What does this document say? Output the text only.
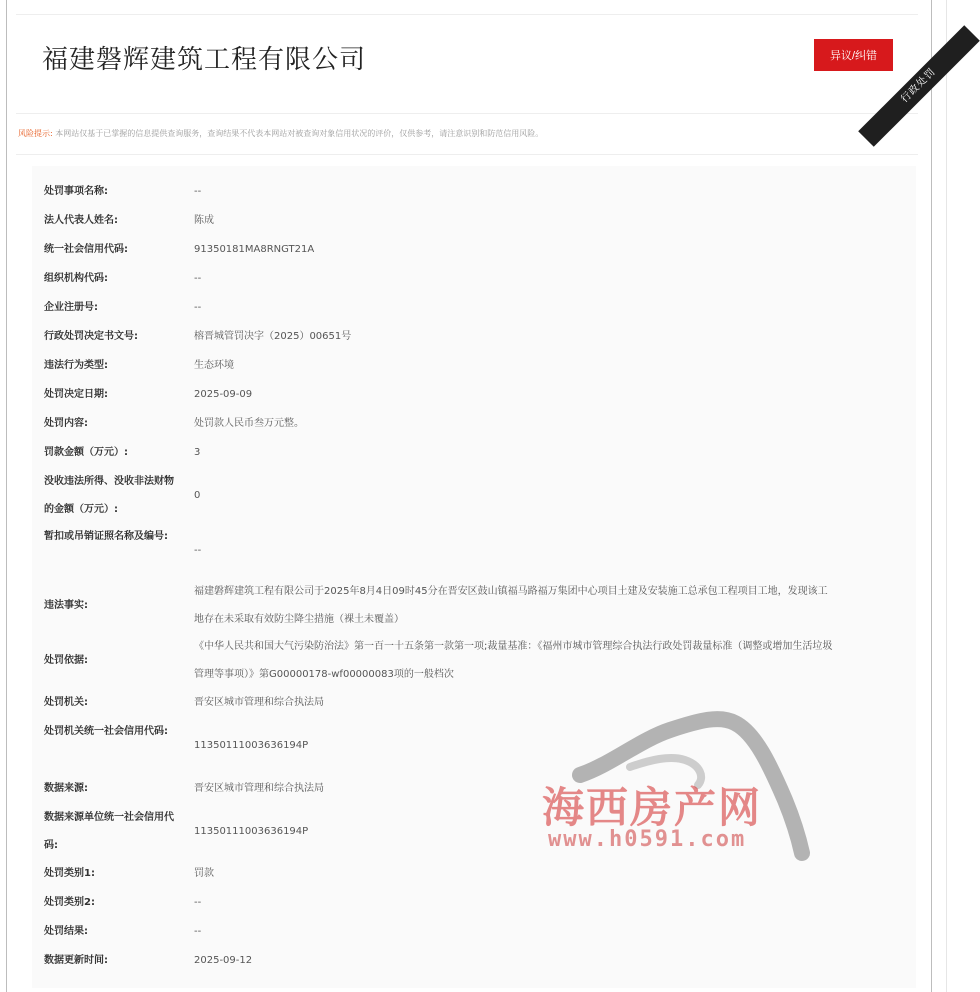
福建磐辉建筑工程有限公司	异议/纠错
行政处罚
风险提示: 本网站仅基于已掌握的信息提供查询服务，查询结果不代表本网站对被查询对象信用状况的评价，仅供参考，请注意识别和防范信用风险。
处罚事项名称:	--
法人代表人姓名:	陈成
统一社会信用代码:	91350181MA8RNGT21A
组织机构代码:	--
企业注册号:	--
行政处罚决定书文号:	榕晋城管罚决字（2025）00651号
违法行为类型:	生态环境
处罚决定日期:	2025-09-09
处罚内容:	处罚款人民币叁万元整。
罚款金额（万元）:	3
没收违法所得、没收非法财物的金额（万元）:
0
暂扣或吊销证照名称及编号:
--
违法事实:
福建磐辉建筑工程有限公司于2025年8月4日09时45分在晋安区鼓山镇福马路福万集团中心项目土建及安装施工总承包工程项目工地，发现该工地存在未采取有效防尘降尘措施（裸土未覆盖）
处罚依据:
《中华人民共和国大气污染防治法》第一百一十五条第一款第一项;裁量基准：《福州市城市管理综合执法行政处罚裁量标准（调整或增加生活垃圾管理等事项）》第G00000178-wf00000083项的一般档次
处罚机关:	晋安区城市管理和综合执法局
处罚机关统一社会信用代码:
11350111003636194P
数据来源:	晋安区城市管理和综合执法局
数据来源单位统一社会信用代码:
11350111003636194P
处罚类别1:	罚款
处罚类别2:	--
处罚结果:	--
数据更新时间:	2025-09-12
海西房产网
www.h0591.com
